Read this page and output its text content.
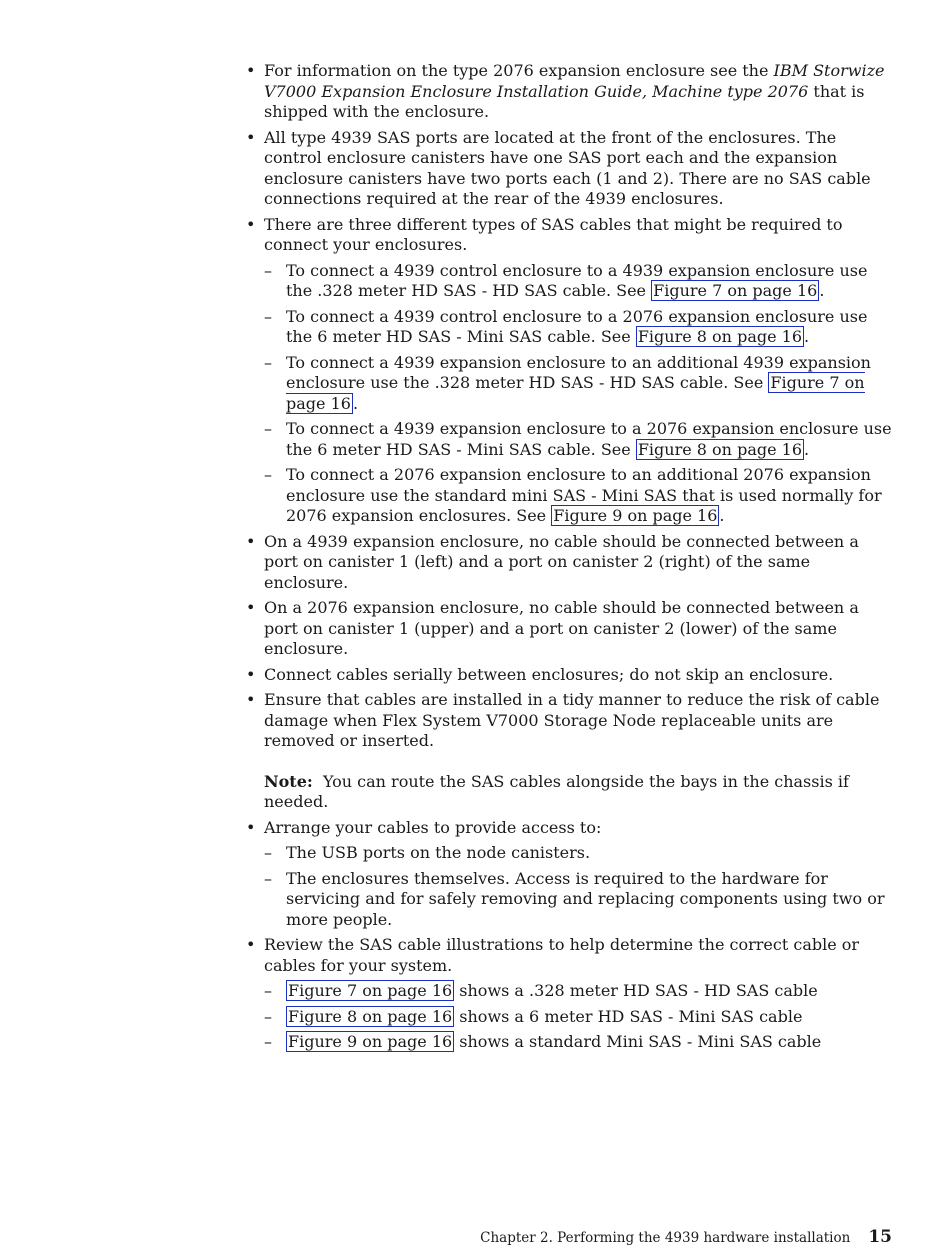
• For information on the type 2076 expansion enclosure see the IBM Storwize V7000 Expansion Enclosure Installation Guide, Machine type 2076 that is shipped with the enclosure.
• All type 4939 SAS ports are located at the front of the enclosures. The control enclosure canisters have one SAS port each and the expansion enclosure canisters have two ports each (1 and 2). There are no SAS cable connections required at the rear of the 4939 enclosures.
• There are three different types of SAS cables that might be required to connect your enclosures.
– To connect a 4939 control enclosure to a 4939 expansion enclosure use the .328 meter HD SAS - HD SAS cable. See Figure 7 on page 16 .
– To connect a 4939 control enclosure to a 2076 expansion enclosure use the 6 meter HD SAS - Mini SAS cable. See Figure 8 on page 16 .
– To connect a 4939 expansion enclosure to an additional 4939 expansion enclosure use the .328 meter HD SAS - HD SAS cable. See Figure 7 on page 16 .
– To connect a 4939 expansion enclosure to a 2076 expansion enclosure use the 6 meter HD SAS - Mini SAS cable. See Figure 8 on page 16 .
– To connect a 2076 expansion enclosure to an additional 2076 expansion enclosure use the standard mini SAS - Mini SAS that is used normally for 2076 expansion enclosures. See Figure 9 on page 16 .
• On a 4939 expansion enclosure, no cable should be connected between a port on canister 1 (left) and a port on canister 2 (right) of the same enclosure.
• On a 2076 expansion enclosure, no cable should be connected between a port on canister 1 (upper) and a port on canister 2 (lower) of the same enclosure.
• Connect cables serially between enclosures; do not skip an enclosure.
• Ensure that cables are installed in a tidy manner to reduce the risk of cable damage when Flex System V7000 Storage Node replaceable units are removed or inserted.
Note: You can route the SAS cables alongside the bays in the chassis if needed.
• Arrange your cables to provide access to:
– The USB ports on the node canisters.
– The enclosures themselves. Access is required to the hardware for servicing and for safely removing and replacing components using two or more people.
• Review the SAS cable illustrations to help determine the correct cable or cables for your system.
– Figure 7 on page 16 shows a .328 meter HD SAS - HD SAS cable
– Figure 8 on page 16 shows a 6 meter HD SAS - Mini SAS cable
– Figure 9 on page 16 shows a standard Mini SAS - Mini SAS cable
Chapter 2. Performing the 4939 hardware installation 15
